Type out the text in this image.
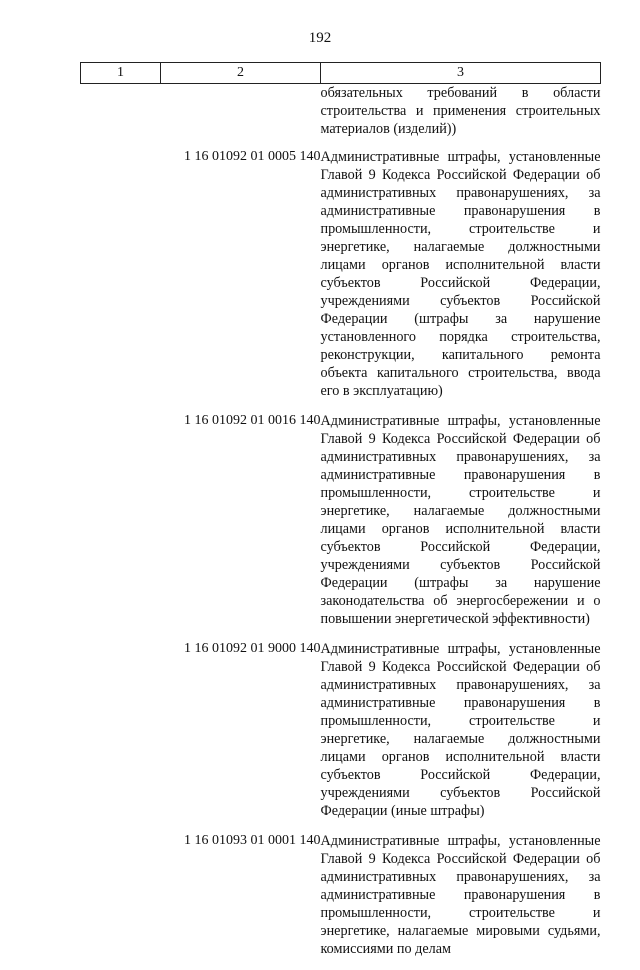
192
1	2	3
		обязательных требований в области строительства и применения строительных материалов (изделий))
	1 16 01092 01 0005 140	Административные штрафы, установленные Главой 9 Кодекса Российской Федерации об административных правонарушениях, за административные правонарушения в промышленности, строительстве и энергетике, налагаемые должностными лицами органов исполнительной власти субъектов Российской Федерации, учреждениями субъектов Российской Федерации (штрафы за нарушение установленного порядка строительства, реконструкции, капитального ремонта объекта капитального строительства, ввода его в эксплуатацию)
	1 16 01092 01 0016 140	Административные штрафы, установленные Главой 9 Кодекса Российской Федерации об административных правонарушениях, за административные правонарушения в промышленности, строительстве и энергетике, налагаемые должностными лицами органов исполнительной власти субъектов Российской Федерации, учреждениями субъектов Российской Федерации (штрафы за нарушение законодательства об энергосбережении и о повышении энергетической эффективности)
	1 16 01092 01 9000 140	Административные штрафы, установленные Главой 9 Кодекса Российской Федерации об административных правонарушениях, за административные правонарушения в промышленности, строительстве и энергетике, налагаемые должностными лицами органов исполнительной власти субъектов Российской Федерации, учреждениями субъектов Российской Федерации (иные штрафы)
	1 16 01093 01 0001 140	Административные штрафы, установленные Главой 9 Кодекса Российской Федерации об административных правонарушениях, за административные правонарушения в промышленности, строительстве и энергетике, налагаемые мировыми судьями, комиссиями по делам
